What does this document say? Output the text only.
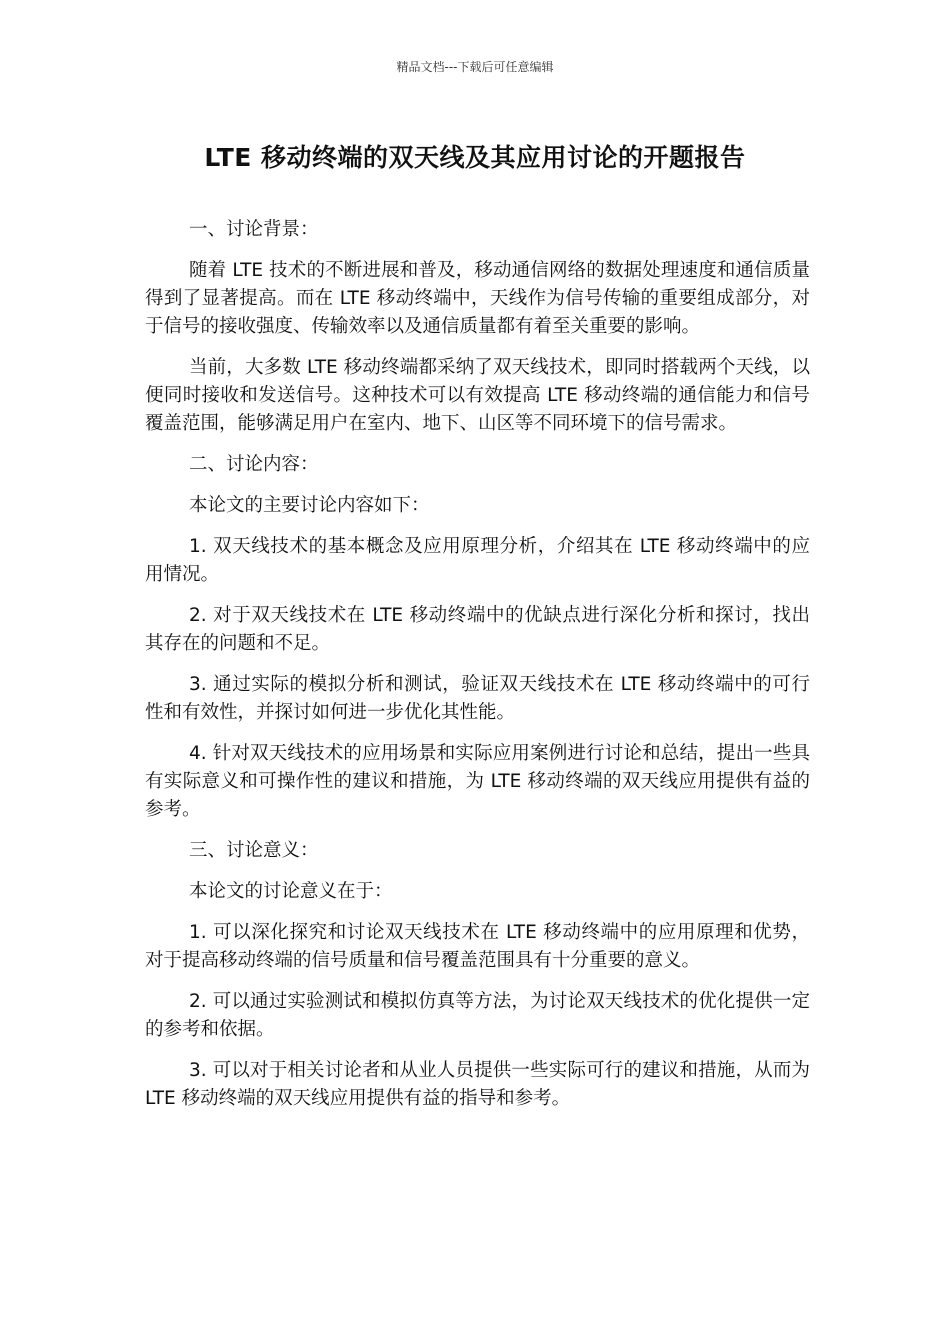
精品文档---下载后可任意编辑
LTE 移动终端的双天线及其应用讨论的开题报告

一、讨论背景：

随着 LTE 技术的不断进展和普及，移动通信网络的数据处理速度和通信质量得到了显著提高。而在 LTE 移动终端中，天线作为信号传输的重要组成部分，对于信号的接收强度、传输效率以及通信质量都有着至关重要的影响。

当前，大多数 LTE 移动终端都采纳了双天线技术，即同时搭载两个天线，以便同时接收和发送信号。这种技术可以有效提高 LTE 移动终端的通信能力和信号覆盖范围，能够满足用户在室内、地下、山区等不同环境下的信号需求。

二、讨论内容：

本论文的主要讨论内容如下：

1. 双天线技术的基本概念及应用原理分析，介绍其在 LTE 移动终端中的应用情况。

2. 对于双天线技术在 LTE 移动终端中的优缺点进行深化分析和探讨，找出其存在的问题和不足。

3. 通过实际的模拟分析和测试，验证双天线技术在 LTE 移动终端中的可行性和有效性，并探讨如何进一步优化其性能。

4. 针对双天线技术的应用场景和实际应用案例进行讨论和总结，提出一些具有实际意义和可操作性的建议和措施，为 LTE 移动终端的双天线应用提供有益的参考。

三、讨论意义：

本论文的讨论意义在于：

1. 可以深化探究和讨论双天线技术在 LTE 移动终端中的应用原理和优势，对于提高移动终端的信号质量和信号覆盖范围具有十分重要的意义。

2. 可以通过实验测试和模拟仿真等方法，为讨论双天线技术的优化提供一定的参考和依据。

3. 可以对于相关讨论者和从业人员提供一些实际可行的建议和措施，从而为 LTE 移动终端的双天线应用提供有益的指导和参考。
